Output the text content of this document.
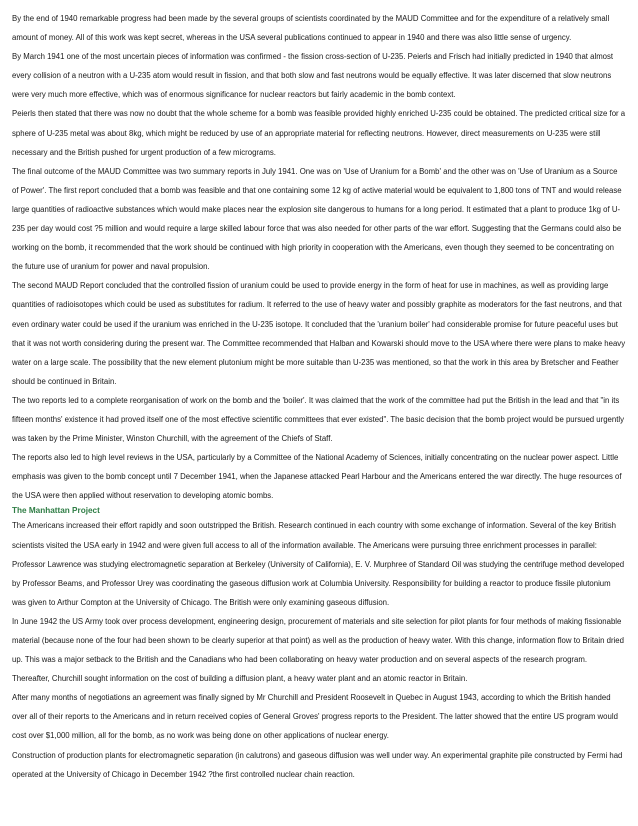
By the end of 1940 remarkable progress had been made by the several groups of scientists coordinated by the MAUD Committee and for the expenditure of a relatively small amount of money. All of this work was kept secret, whereas in the USA several publications continued to appear in 1940 and there was also little sense of urgency.

By March 1941 one of the most uncertain pieces of information was confirmed - the fission cross-section of U-235. Peierls and Frisch had initially predicted in 1940 that almost every collision of a neutron with a U-235 atom would result in fission, and that both slow and fast neutrons would be equally effective. It was later discerned that slow neutrons were very much more effective, which was of enormous significance for nuclear reactors but fairly academic in the bomb context.

Peierls then stated that there was now no doubt that the whole scheme for a bomb was feasible provided highly enriched U-235 could be obtained. The predicted critical size for a sphere of U-235 metal was about 8kg, which might be reduced by use of an appropriate material for reflecting neutrons. However, direct measurements on U-235 were still necessary and the British pushed for urgent production of a few micrograms.

The final outcome of the MAUD Committee was two summary reports in July 1941. One was on 'Use of Uranium for a Bomb' and the other was on 'Use of Uranium as a Source of Power'. The first report concluded that a bomb was feasible and that one containing some 12 kg of active material would be equivalent to 1,800 tons of TNT and would release large quantities of radioactive substances which would make places near the explosion site dangerous to humans for a long period. It estimated that a plant to produce 1kg of U-235 per day would cost ?5 million and would require a large skilled labour force that was also needed for other parts of the war effort. Suggesting that the Germans could also be working on the bomb, it recommended that the work should be continued with high priority in cooperation with the Americans, even though they seemed to be concentrating on the future use of uranium for power and naval propulsion.

The second MAUD Report concluded that the controlled fission of uranium could be used to provide energy in the form of heat for use in machines, as well as providing large quantities of radioisotopes which could be used as substitutes for radium. It referred to the use of heavy water and possibly graphite as moderators for the fast neutrons, and that even ordinary water could be used if the uranium was enriched in the U-235 isotope. It concluded that the 'uranium boiler' had considerable promise for future peaceful uses but that it was not worth considering during the present war. The Committee recommended that Halban and Kowarski should move to the USA where there were plans to make heavy water on a large scale. The possibility that the new element plutonium might be more suitable than U-235 was mentioned, so that the work in this area by Bretscher and Feather should be continued in Britain.

The two reports led to a complete reorganisation of work on the bomb and the 'boiler'. It was claimed that the work of the committee had put the British in the lead and that "in its fifteen months' existence it had proved itself one of the most effective scientific committees that ever existed". The basic decision that the bomb project would be pursued urgently was taken by the Prime Minister, Winston Churchill, with the agreement of the Chiefs of Staff.

The reports also led to high level reviews in the USA, particularly by a Committee of the National Academy of Sciences, initially concentrating on the nuclear power aspect. Little emphasis was given to the bomb concept until 7 December 1941, when the Japanese attacked Pearl Harbour and the Americans entered the war directly. The huge resources of the USA were then applied without reservation to developing atomic bombs.

The Manhattan Project

The Americans increased their effort rapidly and soon outstripped the British. Research continued in each country with some exchange of information. Several of the key British scientists visited the USA early in 1942 and were given full access to all of the information available. The Americans were pursuing three enrichment processes in parallel: Professor Lawrence was studying electromagnetic separation at Berkeley (University of California), E. V. Murphree of Standard Oil was studying the centrifuge method developed by Professor Beams, and Professor Urey was coordinating the gaseous diffusion work at Columbia University. Responsibility for building a reactor to produce fissile plutonium was given to Arthur Compton at the University of Chicago. The British were only examining gaseous diffusion.

In June 1942 the US Army took over process development, engineering design, procurement of materials and site selection for pilot plants for four methods of making fissionable material (because none of the four had been shown to be clearly superior at that point) as well as the production of heavy water. With this change, information flow to Britain dried up. This was a major setback to the British and the Canadians who had been collaborating on heavy water production and on several aspects of the research program. Thereafter, Churchill sought information on the cost of building a diffusion plant, a heavy water plant and an atomic reactor in Britain.

After many months of negotiations an agreement was finally signed by Mr Churchill and President Roosevelt in Quebec in August 1943, according to which the British handed over all of their reports to the Americans and in return received copies of General Groves' progress reports to the President. The latter showed that the entire US program would cost over $1,000 million, all for the bomb, as no work was being done on other applications of nuclear energy.

Construction of production plants for electromagnetic separation (in calutrons) and gaseous diffusion was well under way. An experimental graphite pile constructed by Fermi had operated at the University of Chicago in December 1942 ?the first controlled nuclear chain reaction.
